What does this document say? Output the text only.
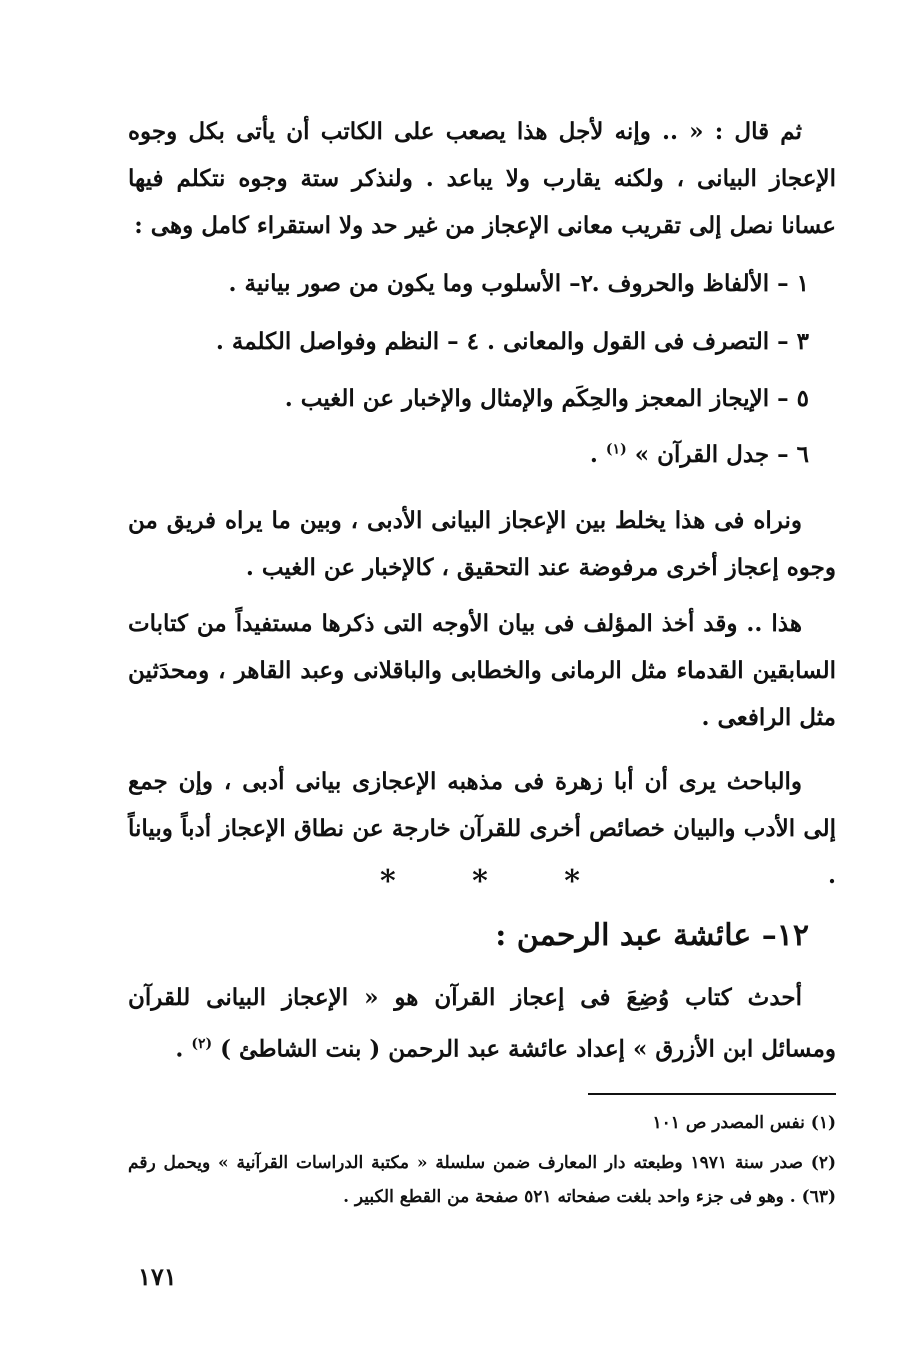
ثم قال : « .. وإنه لأجل هذا يصعب على الكاتب أن يأتى بكل وجوه الإعجاز البيانى ، ولكنه يقارب ولا يباعد . ولنذكر ستة وجوه نتكلم فيها عسانا نصل إلى تقريب معانى الإعجاز من غير حد ولا استقراء كامل وهى :
١ – الألفاظ والحروف .
٢– الأسلوب وما يكون من صور بيانية .
٣ – التصرف فى القول والمعانى . ٤ – النظم وفواصل الكلمة .
٥ – الإيجاز المعجز والحِكَم والإمثال والإخبار عن الغيب .
٦ – جدل القرآن » $^{(١)}$ .
ونراه فى هذا يخلط بين الإعجاز البيانى الأدبى ، وبين ما يراه فريق من وجوه إعجاز أخرى مرفوضة عند التحقيق ، كالإخبار عن الغيب .
هذا .. وقد أخذ المؤلف فى بيان الأوجه التى ذكرها مستفيداً من كتابات السابقين القدماء مثل الرمانى والخطابى والباقلانى وعبد القاهر ، ومحدَثين مثل الرافعى .
والباحث يرى أن أبا زهرة فى مذهبه الإعجازى بيانى أدبى ، وإن جمع إلى الأدب والبيان خصائص أخرى للقرآن خارجة عن نطاق الإعجاز أدباً وبياناً .
*	*	*
١٢– عائشة عبد الرحمن :
أحدث كتاب وُضِعَ فى إعجاز القرآن هو « الإعجاز البيانى للقرآن ومسائل ابن الأزرق » إعداد عائشة عبد الرحمن ( بنت الشاطئ ) $^{(٢)}$ .
(١) نفس المصدر ص ١٠١
(٢) صدر سنة ١٩٧١ وطبعته دار المعارف ضمن سلسلة « مكتبة الدراسات القرآنية » ويحمل رقم (٦٣) . وهو فى جزء واحد بلغت صفحاته ٥٢١ صفحة من القطع الكبير .
١٧١
